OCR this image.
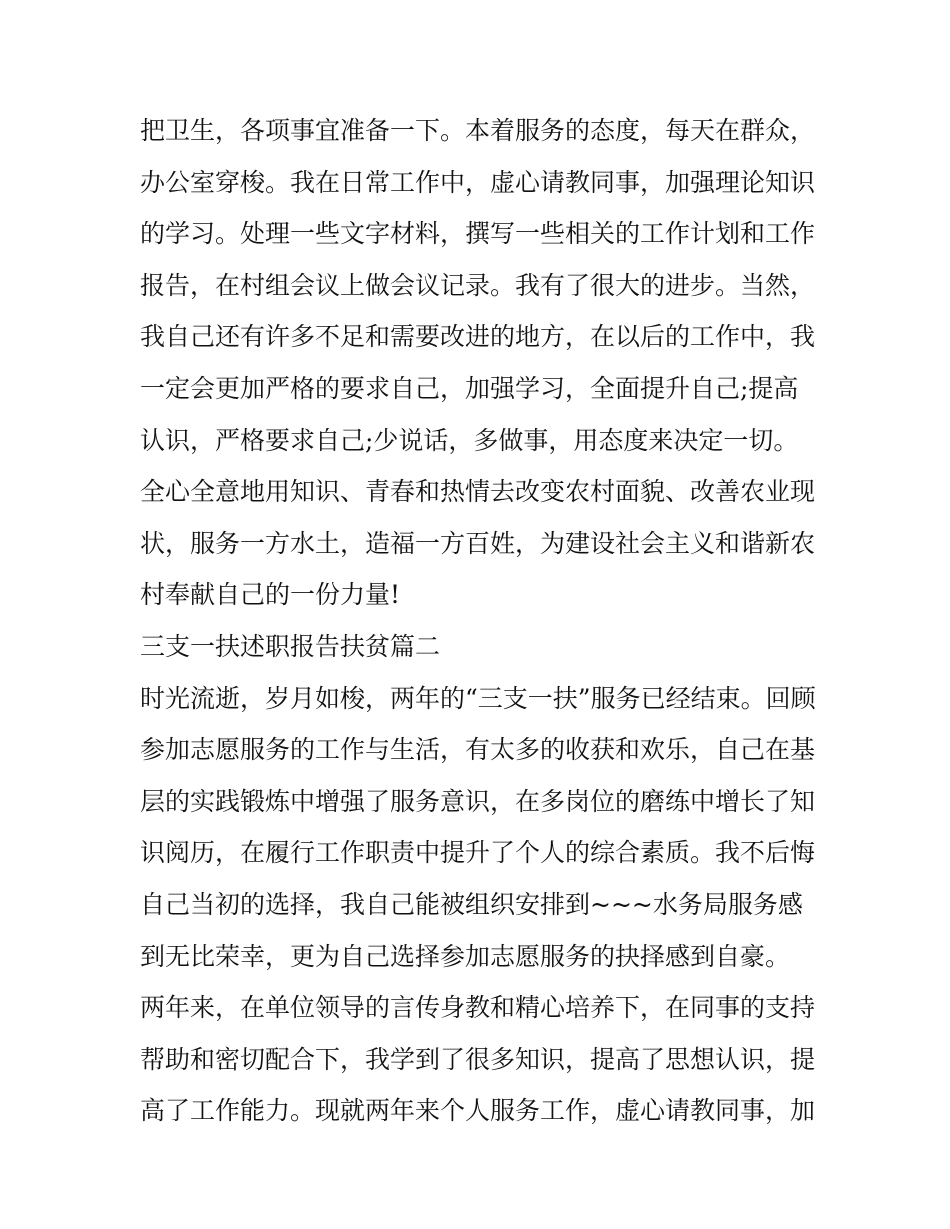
把卫生，各项事宜准备一下。本着服务的态度，每天在群众，
办公室穿梭。我在日常工作中，虚心请教同事，加强理论知识
的学习。处理一些文字材料，撰写一些相关的工作计划和工作
报告，在村组会议上做会议记录。我有了很大的进步。当然，
我自己还有许多不足和需要改进的地方，在以后的工作中，我
一定会更加严格的要求自己，加强学习，全面提升自己;提高
认识，严格要求自己;少说话，多做事，用态度来决定一切。
全心全意地用知识、青春和热情去改变农村面貌、改善农业现
状，服务一方水土，造福一方百姓，为建设社会主义和谐新农
村奉献自己的一份力量!
三支一扶述职报告扶贫篇二
时光流逝，岁月如梭，两年的“三支一扶”服务已经结束。回顾
参加志愿服务的工作与生活，有太多的收获和欢乐，自己在基
层的实践锻炼中增强了服务意识，在多岗位的磨练中增长了知
识阅历，在履行工作职责中提升了个人的综合素质。我不后悔
自己当初的选择，我自己能被组织安排到~~~水务局服务感
到无比荣幸，更为自己选择参加志愿服务的抉择感到自豪。
两年来，在单位领导的言传身教和精心培养下，在同事的支持
帮助和密切配合下，我学到了很多知识，提高了思想认识，提
高了工作能力。现就两年来个人服务工作，虚心请教同事，加
